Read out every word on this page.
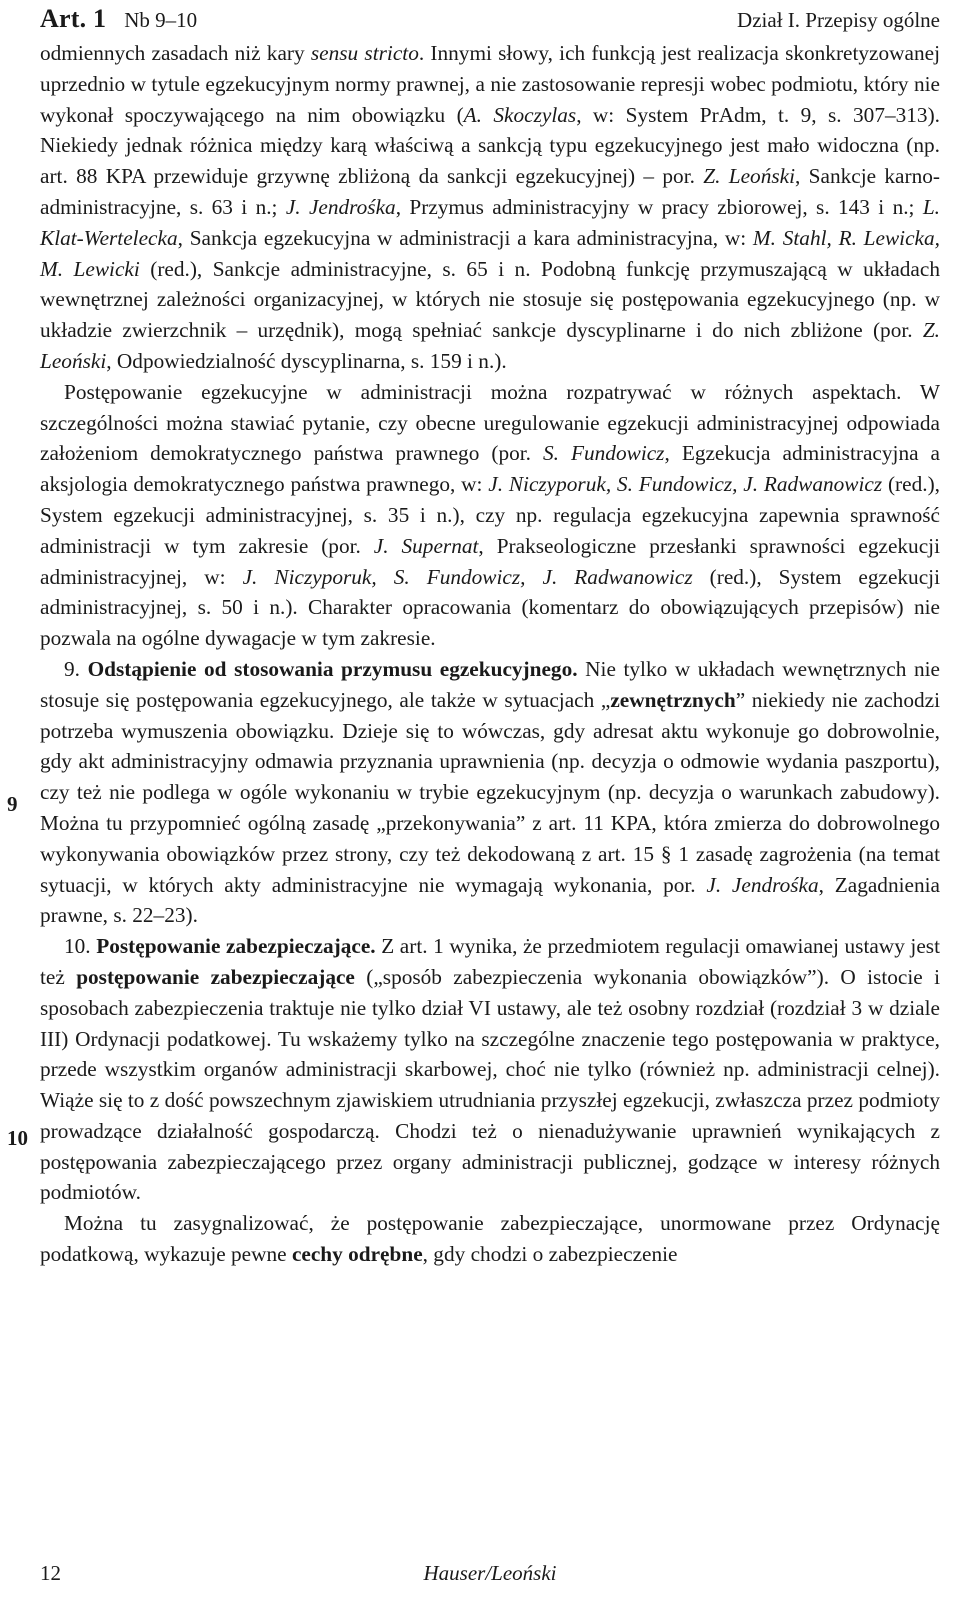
Art. 1 Nb 9–10	Dział I. Przepisy ogólne
9
10

odmiennych zasadach niż kary sensu stricto. Innymi słowy, ich funkcją jest realizacja skonkretyzowanej uprzednio w tytule egzekucyjnym normy prawnej, a nie zastosowanie represji wobec podmiotu, który nie wykonał spoczywającego na nim obowiązku (A. Skoczylas, w: System PrAdm, t. 9, s. 307–313). Niekiedy jednak różnica między karą właściwą a sankcją typu egzekucyjnego jest mało widoczna (np. art. 88 KPA przewiduje grzywnę zbliżoną da sankcji egzekucyjnej) – por. Z. Leoński, Sankcje karno-administracyjne, s. 63 i n.; J. Jendrośka, Przymus administracyjny w pracy zbiorowej, s. 143 i n.; L. Klat-Wertelecka, Sankcja egzekucyjna w administracji a kara administracyjna, w: M. Stahl, R. Lewicka, M. Lewicki (red.), Sankcje administracyjne, s. 65 i n. Podobną funkcję przymuszającą w układach wewnętrznej zależności organizacyjnej, w których nie stosuje się postępowania egzekucyjnego (np. w układzie zwierzchnik – urzędnik), mogą spełniać sankcje dyscyplinarne i do nich zbliżone (por. Z. Leoński, Odpowiedzialność dyscyplinarna, s. 159 i n.).

Postępowanie egzekucyjne w administracji można rozpatrywać w różnych aspektach. W szczególności można stawiać pytanie, czy obecne uregulowanie egzekucji administracyjnej odpowiada założeniom demokratycznego państwa prawnego (por. S. Fundowicz, Egzekucja administracyjna a aksjologia demokratycznego państwa prawnego, w: J. Niczyporuk, S. Fundowicz, J. Radwanowicz (red.), System egzekucji administracyjnej, s. 35 i n.), czy np. regulacja egzekucyjna zapewnia sprawność administracji w tym zakresie (por. J. Supernat, Prakseologiczne przesłanki sprawności egzekucji administracyjnej, w: J. Niczyporuk, S. Fundowicz, J. Radwanowicz (red.), System egzekucji administracyjnej, s. 50 i n.). Charakter opracowania (komentarz do obowiązujących przepisów) nie pozwala na ogólne dywagacje w tym zakresie.

9. Odstąpienie od stosowania przymusu egzekucyjnego. Nie tylko w układach wewnętrznych nie stosuje się postępowania egzekucyjnego, ale także w sytuacjach „zewnętrznych” niekiedy nie zachodzi potrzeba wymuszenia obowiązku. Dzieje się to wówczas, gdy adresat aktu wykonuje go dobrowolnie, gdy akt administracyjny odmawia przyznania uprawnienia (np. decyzja o odmowie wydania paszportu), czy też nie podlega w ogóle wykonaniu w trybie egzekucyjnym (np. decyzja o warunkach zabudowy). Można tu przypomnieć ogólną zasadę „przekonywania” z art. 11 KPA, która zmierza do dobrowolnego wykonywania obowiązków przez strony, czy też dekodowaną z art. 15 § 1 zasadę zagrożenia (na temat sytuacji, w których akty administracyjne nie wymagają wykonania, por. J. Jendrośka, Zagadnienia prawne, s. 22–23).

10. Postępowanie zabezpieczające. Z art. 1 wynika, że przedmiotem regulacji omawianej ustawy jest też postępowanie zabezpieczające („sposób zabezpieczenia wykonania obowiązków”). O istocie i sposobach zabezpieczenia traktuje nie tylko dział VI ustawy, ale też osobny rozdział (rozdział 3 w dziale III) Ordynacji podatkowej. Tu wskażemy tylko na szczególne znaczenie tego postępowania w praktyce, przede wszystkim organów administracji skarbowej, choć nie tylko (również np. administracji celnej). Wiąże się to z dość powszechnym zjawiskiem utrudniania przyszłej egzekucji, zwłaszcza przez podmioty prowadzące działalność gospodarczą. Chodzi też o nienadużywanie uprawnień wynikających z postępowania zabezpieczającego przez organy administracji publicznej, godzące w interesy różnych podmiotów.

Można tu zasygnalizować, że postępowanie zabezpieczające, unormowane przez Ordynację podatkową, wykazuje pewne cechy odrębne, gdy chodzi o zabezpieczenie

12	Hauser/Leoński
